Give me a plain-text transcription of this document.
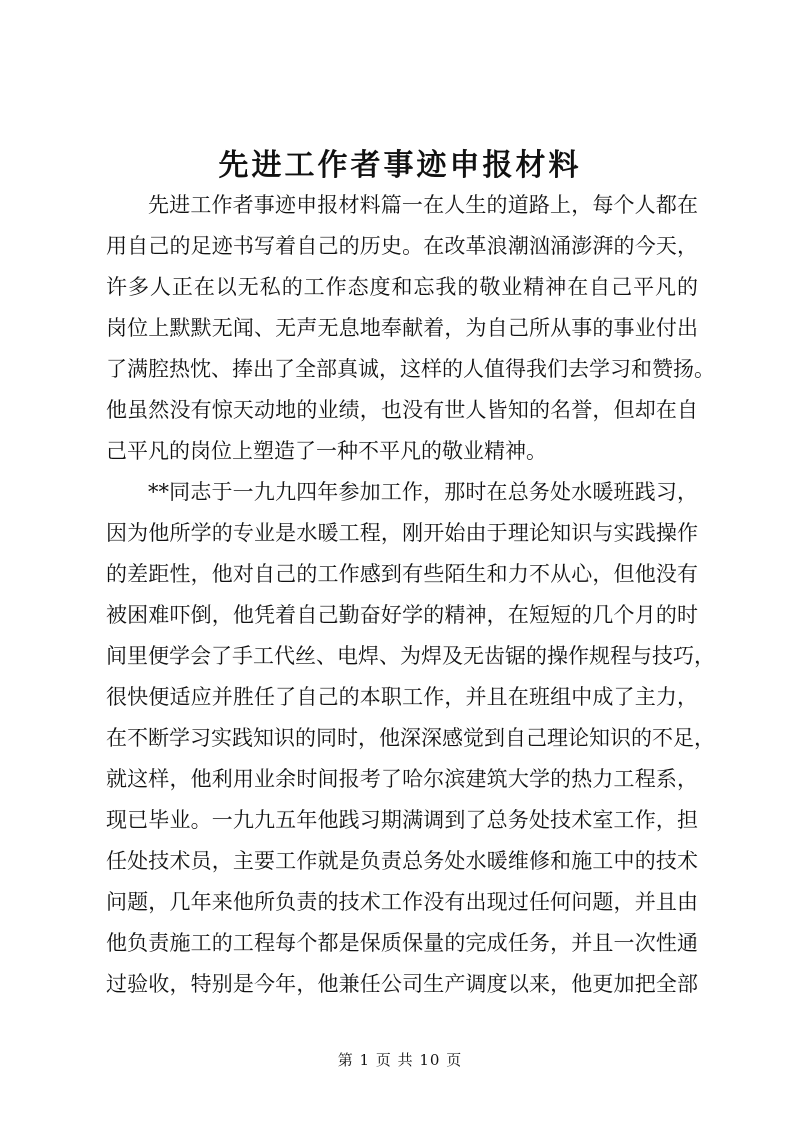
先进工作者事迹申报材料

先进工作者事迹申报材料篇一在人生的道路上，每个人都在

用自己的足迹书写着自己的历史。在改革浪潮汹涌澎湃的今天，

许多人正在以无私的工作态度和忘我的敬业精神在自己平凡的

岗位上默默无闻、无声无息地奉献着，为自己所从事的事业付出

了满腔热忱、捧出了全部真诚，这样的人值得我们去学习和赞扬。

他虽然没有惊天动地的业绩，也没有世人皆知的名誉，但却在自

己平凡的岗位上塑造了一种不平凡的敬业精神。

**同志于一九九四年参加工作，那时在总务处水暖班践习，

因为他所学的专业是水暖工程，刚开始由于理论知识与实践操作

的差距性，他对自己的工作感到有些陌生和力不从心，但他没有

被困难吓倒，他凭着自己勤奋好学的精神，在短短的几个月的时

间里便学会了手工代丝、电焊、为焊及无齿锯的操作规程与技巧，

很快便适应并胜任了自己的本职工作，并且在班组中成了主力，

在不断学习实践知识的同时，他深深感觉到自己理论知识的不足，

就这样，他利用业余时间报考了哈尔滨建筑大学的热力工程系，

现已毕业。一九九五年他践习期满调到了总务处技术室工作，担

任处技术员，主要工作就是负责总务处水暖维修和施工中的技术

问题，几年来他所负责的技术工作没有出现过任何问题，并且由

他负责施工的工程每个都是保质保量的完成任务，并且一次性通

过验收，特别是今年，他兼任公司生产调度以来，他更加把全部

第 1 页 共 10 页
